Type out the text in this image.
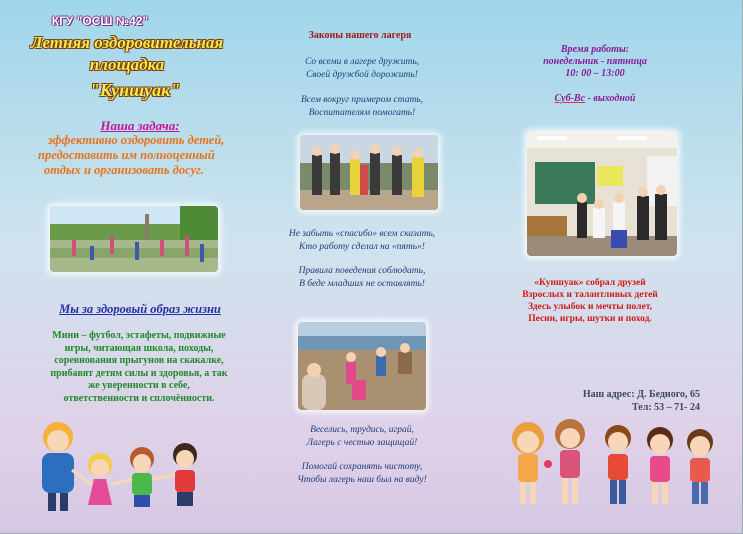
КГУ "ОСШ №42"
Летняя оздоровительная
площадка
"Куншуак"
Наша задача:
эффективно оздоровить детей,
предоставить им полноценный
отдых и организовать досуг.
Мы за здоровый образ жизни
Мини – футбол, эстафеты, подвижные
игры, читающая школа, походы,
соревнования прыгунов на скакалке,
прибавят детям силы и здоровья, а так
же уверенности в себе,
ответственности и сплочённости.
Законы нашего лагеря
Со всеми в лагере дружить,
Своей дружбой дорожить!
Всем вокруг примером стать,
Воспитателям помогать!
Не забыть «спасибо» всем сказать,
Кто работу сделал на «пять»!
Правила поведения соблюдать,
В беде младших не оставлять!
Веселись, трудись, играй,
Лагерь с честью защищай!
Помогай сохранять чистоту,
Чтобы лагерь наш был на виду!
Время работы:
понедельник - пятница
10: 00 – 13:00
Суб-Вс - выходной
«Куншуак» собрал друзей
Взрослых и талантливых детей
Здесь улыбок и мечты полет,
Песни, игры, шутки и поход.
Наш адрес: Д. Бедного, 65
Тел: 53 – 71- 24
